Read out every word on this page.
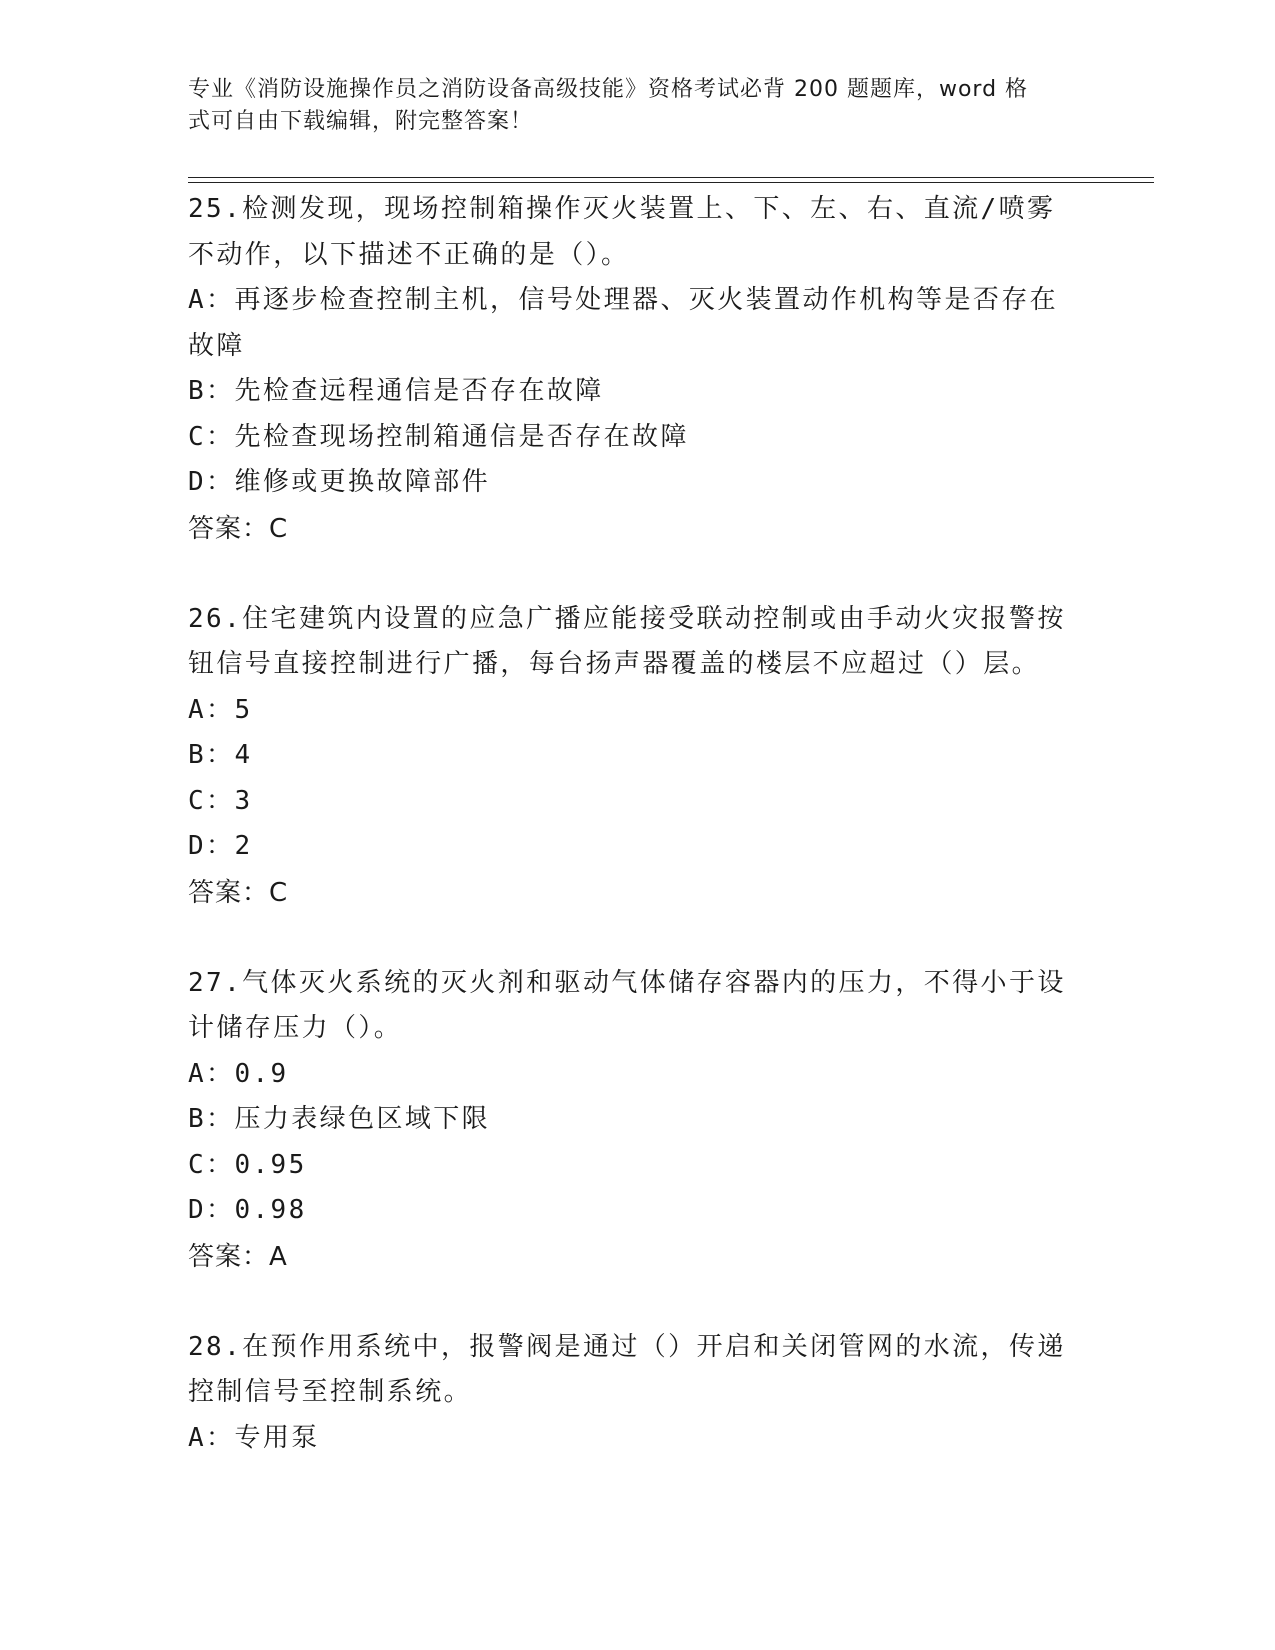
专业《消防设施操作员之消防设备高级技能》资格考试必背 200 题题库，word 格
式可自由下载编辑，附完整答案！

25.检测发现，现场控制箱操作灭火装置上、下、左、右、直流/喷雾

不动作，以下描述不正确的是（）。

A：再逐步检查控制主机，信号处理器、灭火装置动作机构等是否存在

故障

B：先检查远程通信是否存在故障

C：先检查现场控制箱通信是否存在故障

D：维修或更换故障部件

答案：C

26.住宅建筑内设置的应急广播应能接受联动控制或由手动火灾报警按

钮信号直接控制进行广播，每台扬声器覆盖的楼层不应超过（）层。

A：5

B：4

C：3

D：2

答案：C

27.气体灭火系统的灭火剂和驱动气体储存容器内的压力，不得小于设

计储存压力（）。

A：0.9

B：压力表绿色区域下限

C：0.95

D：0.98

答案：A

28.在预作用系统中，报警阀是通过（）开启和关闭管网的水流，传递

控制信号至控制系统。

A：专用泵
